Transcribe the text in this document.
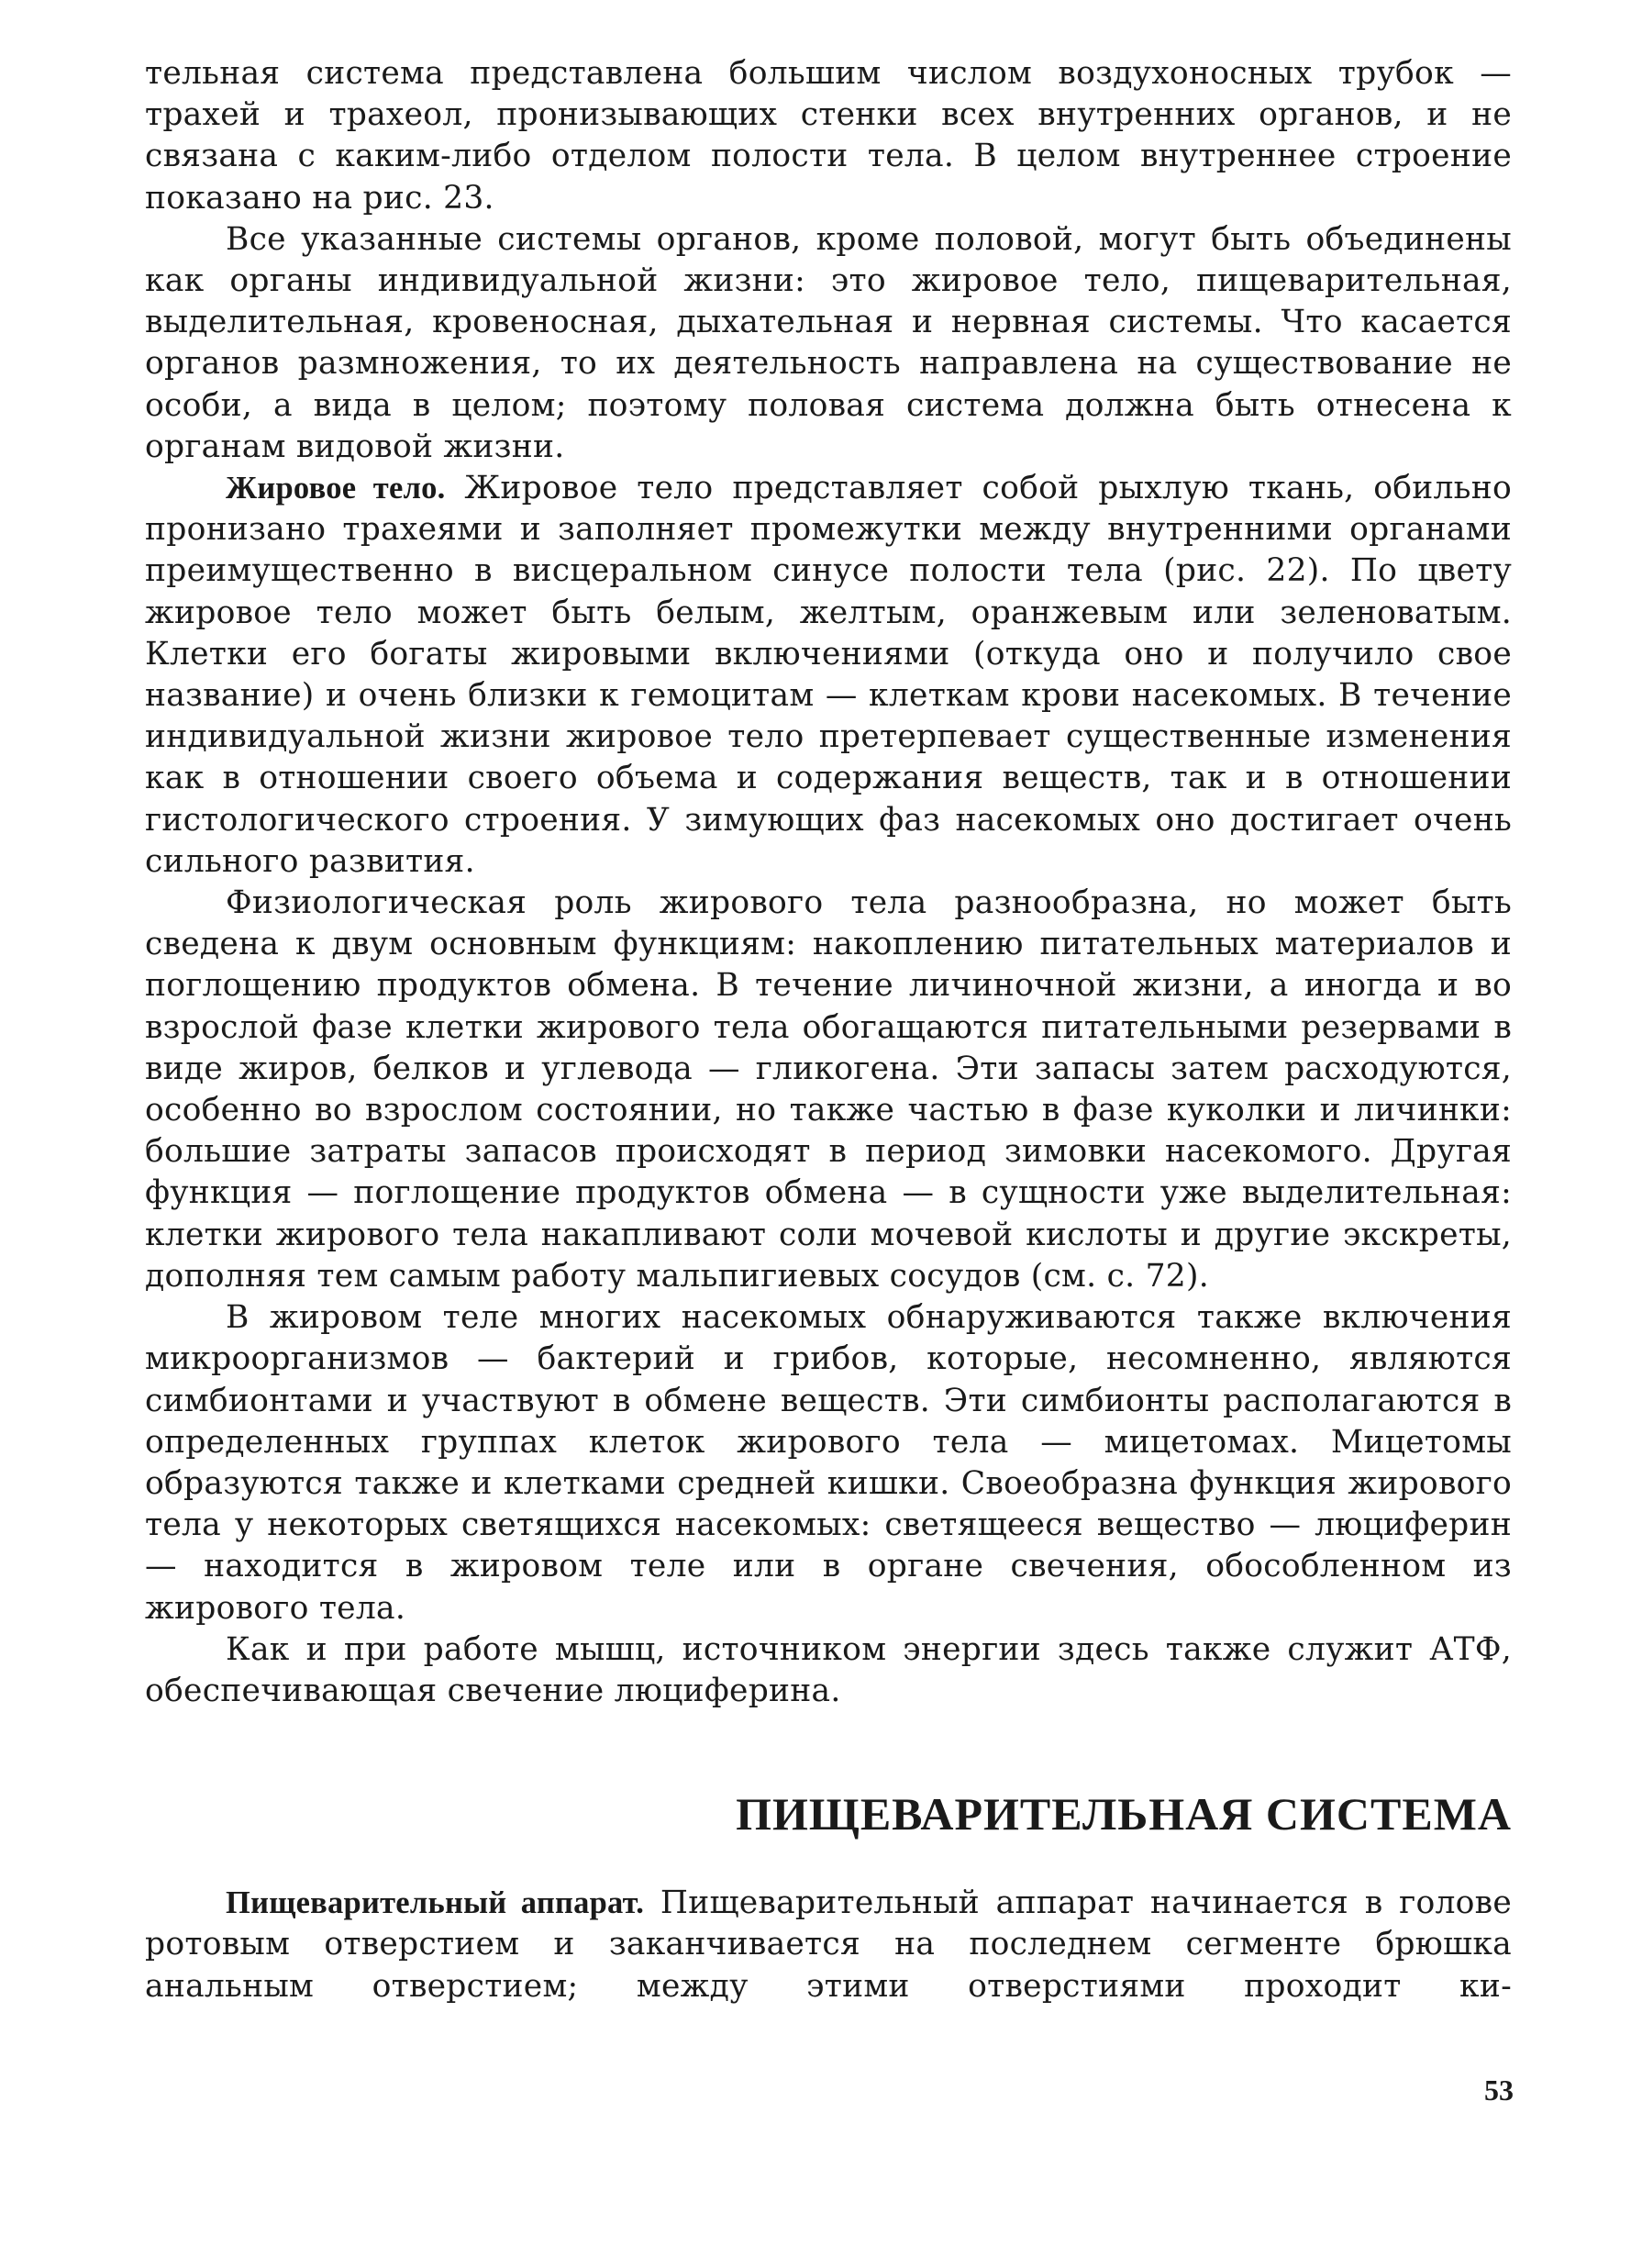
тельная система представлена большим числом воздухоносных трубок — трахей и трахеол, пронизывающих стенки всех внутренних органов, и не связана с каким-либо отделом полости тела. В целом внутреннее строение показано на рис. 23.

Все указанные системы органов, кроме половой, могут быть объединены как органы индивидуальной жизни: это жировое тело, пищеварительная, выделительная, кровеносная, дыхательная и нервная системы. Что касается органов размножения, то их деятельность направлена на существование не особи, а вида в целом; поэтому половая система должна быть отнесена к органам видовой жизни.

Жировое тело. Жировое тело представляет собой рыхлую ткань, обильно пронизано трахеями и заполняет промежутки между внутренними органами преимущественно в висцеральном синусе полости тела (рис. 22). По цвету жировое тело может быть белым, желтым, оранжевым или зеленоватым. Клетки его богаты жировыми включениями (откуда оно и получило свое название) и очень близки к гемоцитам — клеткам крови насекомых. В течение индивидуальной жизни жировое тело претерпевает существенные изменения как в отношении своего объема и содержания веществ, так и в отношении гистологического строения. У зимующих фаз насекомых оно достигает очень сильного развития.

Физиологическая роль жирового тела разнообразна, но может быть сведена к двум основным функциям: накоплению питательных материалов и поглощению продуктов обмена. В течение личиночной жизни, а иногда и во взрослой фазе клетки жирового тела обогащаются питательными резервами в виде жиров, белков и углевода — гликогена. Эти запасы затем расходуются, особенно во взрослом состоянии, но также частью в фазе куколки и личинки: большие затраты запасов происходят в период зимовки насекомого. Другая функция — поглощение продуктов обмена — в сущности уже выделительная: клетки жирового тела накапливают соли мочевой кислоты и другие экскреты, дополняя тем самым работу мальпигиевых сосудов (см. с. 72).

В жировом теле многих насекомых обнаруживаются также включения микроорганизмов — бактерий и грибов, которые, несомненно, являются симбионтами и участвуют в обмене веществ. Эти симбионты располагаются в определенных группах клеток жирового тела — мицетомах. Мицетомы образуются также и клетками средней кишки. Своеобразна функция жирового тела у некоторых светящихся насекомых: светящееся вещество — люциферин — находится в жировом теле или в органе свечения, обособленном из жирового тела.

Как и при работе мышц, источником энергии здесь также служит АТФ, обеспечивающая свечение люциферина.

ПИЩЕВАРИТЕЛЬНАЯ СИСТЕМА

Пищеварительный аппарат. Пищеварительный аппарат начинается в голове ротовым отверстием и заканчивается на последнем сегменте брюшка анальным отверстием; между этими отверстиями проходит ки-

53
